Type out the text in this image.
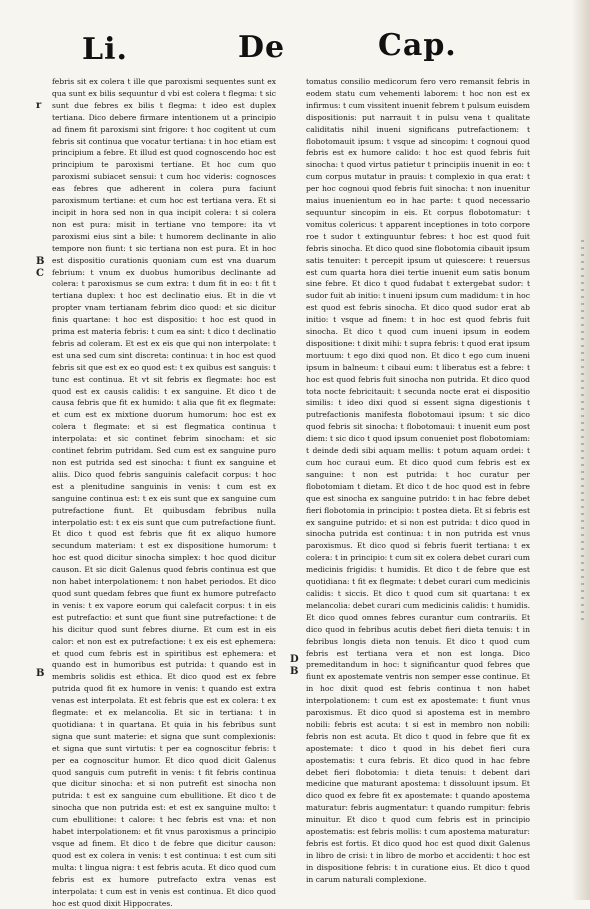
Li.	De	Cap.
r
B
C
B
D
B

febris sit ex colera t ille que paroxismi sequentes sunt ex qua sunt ex bilis sequuntur d vbi est colera t flegma: t sic sunt due febres ex bilis t flegma: t ideo est duplex tertiana. Dico debere firmare intentionem ut a principio ad finem fit paroxismi sint frigore: t hoc cogitent ut cum febris sit continua que vocatur tertiana: t in hoc etiam est principium a febre. Et illud est quod cognoscendo hoc est principium te paroxismi tertiane. Et hoc cum quo paroxismi subiacet sensui: t cum hoc videris: cognosces eas febres que adherent in colera pura faciunt paroxismum tertiane: et cum hoc est tertiana vera. Et si incipit in hora sed non in qua incipit colera: t si colera non est pura: misit in tertiane vno tempore: ita vt paroxismi eius sint a bile: t humorem declinante in alio tempore non fiunt: t sic tertiana non est pura. Et in hoc est dispositio curationis quoniam cum est vna duarum febrium: t vnum ex duobus humoribus declinante ad colera: t paroxismus se cum extra: t dum fit in eo: t fit t tertiana duplex: t hoc est declinatio eius. Et in die vt propter vnam tertianam febrim dico quod: et sic dicitur finis quartane: t hoc est dispositio: t hoc est quod in prima est materia febris: t cum ea sint: t dico t declinatio febris ad coleram. Et est ex eis que qui non interpolate: t est una sed cum sint discreta: continua: t in hoc est quod febris sit que est ex eo quod est: t ex quibus est sanguis: t tunc est continua. Et vt sit febris ex flegmate: hoc est quod est ex causis calidis: t ex sanguine. Et dico t de causa febris que fit ex humido: t alia que fit ex flegmate: et cum est ex mixtione duorum humorum: hoc est ex colera t flegmate: et si est flegmatica continua t interpolata: et sic continet febrim sinocham: et sic continet febrim putridam. Sed cum est ex sanguine puro non est putrida sed est sinocha: t fiunt ex sanguine et aliis. Dico quod febris sanguinis calefacit corpus: t hoc est a plenitudine sanguinis in venis: t cum est ex sanguine continua est: t ex eis sunt que ex sanguine cum putrefactione fiunt. Et quibusdam febribus nulla interpolatio est: t ex eis sunt que cum putrefactione fiunt. Et dico t quod est febris que fit ex aliquo humore secundum materiam: t est ex dispositione humorum: t hoc est quod dicitur sinocha simplex: t hoc quod dicitur causon. Et sic dicit Galenus quod febris continua est que non habet interpolationem: t non habet periodos. Et dico quod sunt quedam febres que fiunt ex humore putrefacto in venis: t ex vapore eorum qui calefacit corpus: t in eis est putrefactio: et sunt que fiunt sine putrefactione: t de his dicitur quod sunt febres diurne. Et cum est in eis calor: et non est ex putrefactione: t ex eis est ephemera: et quod cum febris est in spiritibus est ephemera: et quando est in humoribus est putrida: t quando est in membris solidis est ethica. Et dico quod est ex febre putrida quod fit ex humore in venis: t quando est extra venas est interpolata. Et est febris que est ex colera: t ex flegmate: et ex melancolia. Et sic in tertiana: t in quotidiana: t in quartana. Et quia in his febribus sunt signa que sunt materie: et signa que sunt complexionis: et signa que sunt virtutis: t per ea cognoscitur febris: t per ea cognoscitur humor. Et dico quod dicit Galenus quod sanguis cum putrefit in venis: t fit febris continua que dicitur sinocha: et si non putrefit est sinocha non putrida: t est ex sanguine cum ebullitione. Et dico t de sinocha que non putrida est: et est ex sanguine multo: t cum ebullitione: t calore: t hec febris est vna: et non habet interpolationem: et fit vnus paroxismus a principio vsque ad finem. Et dico t de febre que dicitur causon: quod est ex colera in venis: t est continua: t est cum siti multa: t lingua nigra: t est febris acuta. Et dico quod cum febris est ex humore putrefacto extra venas est interpolata: t cum est in venis est continua. Et dico quod hoc est quod dixit Hippocrates.

tomatus consilio medicorum fero vero remansit febris in eodem statu cum vehementi laborem: t hoc non est ex infirmus: t cum vissitent inuenit febrem t pulsum euisdem dispositionis: put narrauit t in pulsu vena t qualitate caliditatis nihil inueni significans putrefactionem: t flobotomauit ipsum: t vsque ad sincopim: t cognoui quod febris est ex humore calido: t hoc est quod febris fuit sinocha: t quod virtus patietur t principiis inuenit in eo: t cum corpus mutatur in prauis: t complexio in qua erat: t per hoc cognoui quod febris fuit sinocha: t non inuenitur maius inuenientum eo in hac parte: t quod necessario sequuntur sincopim in eis. Et corpus flobotomatur: t vomitus colericus: t apparent inceptiones in toto corpore roe t sudor t extinguuntur febres: t hoc est quod fuit febris sinocha. Et dico quod sine flobotomia cibauit ipsum satis tenuiter: t percepit ipsum ut quiescere: t reuersus est cum quarta hora diei tertie inuenit eum satis bonum sine febre. Et dico t quod fudabat t extergebat sudor: t sudor fuit ab initio: t inueni ipsum cum madidum: t in hoc est quod est febris sinocha. Et dico quod sudor erat ab initio: t vsque ad finem: t in hoc est quod febris fuit sinocha. Et dico t quod cum inueni ipsum in eodem dispositione: t dixit mihi: t supra febris: t quod erat ipsum mortuum: t ego dixi quod non. Et dico t ego cum inueni ipsum in balneum: t cibaui eum: t liberatus est a febre: t hoc est quod febris fuit sinocha non putrida. Et dico quod tota nocte febricitauit: t secunda nocte erat ei dispositio similis: t ideo dixi quod si essent signa digestionis t putrefactionis manifesta flobotomaui ipsum: t sic dico quod febris sit sinocha: t flobotomaui: t inuenit eum post diem: t sic dico t quod ipsum conueniet post flobotomiam: t deinde dedi sibi aquam mellis: t potum aquam ordei: t cum hoc curaui eum. Et dico quod cum febris est ex sanguine: t non est putrida: t hoc curatur per flobotomiam t dietam. Et dico t de hoc quod est in febre que est sinocha ex sanguine putrido: t in hac febre debet fieri flobotomia in principio: t postea dieta. Et si febris est ex sanguine putrido: et si non est putrida: t dico quod in sinocha putrida est continua: t in non putrida est vnus paroxismus. Et dico quod si febris fuerit tertiana: t ex colera: t in principio: t cum sit ex colera debet curari cum medicinis frigidis: t humidis. Et dico t de febre que est quotidiana: t fit ex flegmate: t debet curari cum medicinis calidis: t siccis. Et dico t quod cum sit quartana: t ex melancolia: debet curari cum medicinis calidis: t humidis. Et dico quod omnes febres curantur cum contrariis. Et dico quod in febribus acutis debet fieri dieta tenuis: t in febribus longis dieta non tenuis. Et dico t quod cum febris est tertiana vera et non est longa. Dico premeditandum in hoc: t significantur quod febres que fiunt ex apostemate ventris non semper esse continue. Et in hoc dixit quod est febris continua t non habet interpolationem: t cum est ex apostemate: t fiunt vnus paroxismus. Et dico quod si apostema est in membro nobili: febris est acuta: t si est in membro non nobili: febris non est acuta. Et dico t quod in febre que fit ex apostemate: t dico t quod in his debet fieri cura apostematis: t cura febris. Et dico quod in hac febre debet fieri flobotomia: t dieta tenuis: t debent dari medicine que maturant apostema: t dissoluunt ipsum. Et dico quod ex febre fit ex apostemate: t quando apostema maturatur: febris augmentatur: t quando rumpitur: febris minuitur. Et dico t quod cum febris est in principio apostematis: est febris mollis: t cum apostema maturatur: febris est fortis. Et dico quod hoc est quod dixit Galenus in libro de crisi: t in libro de morbo et accidenti: t hoc est in dispositione febris: t in curatione eius. Et dico t quod in carum naturali complexione.
